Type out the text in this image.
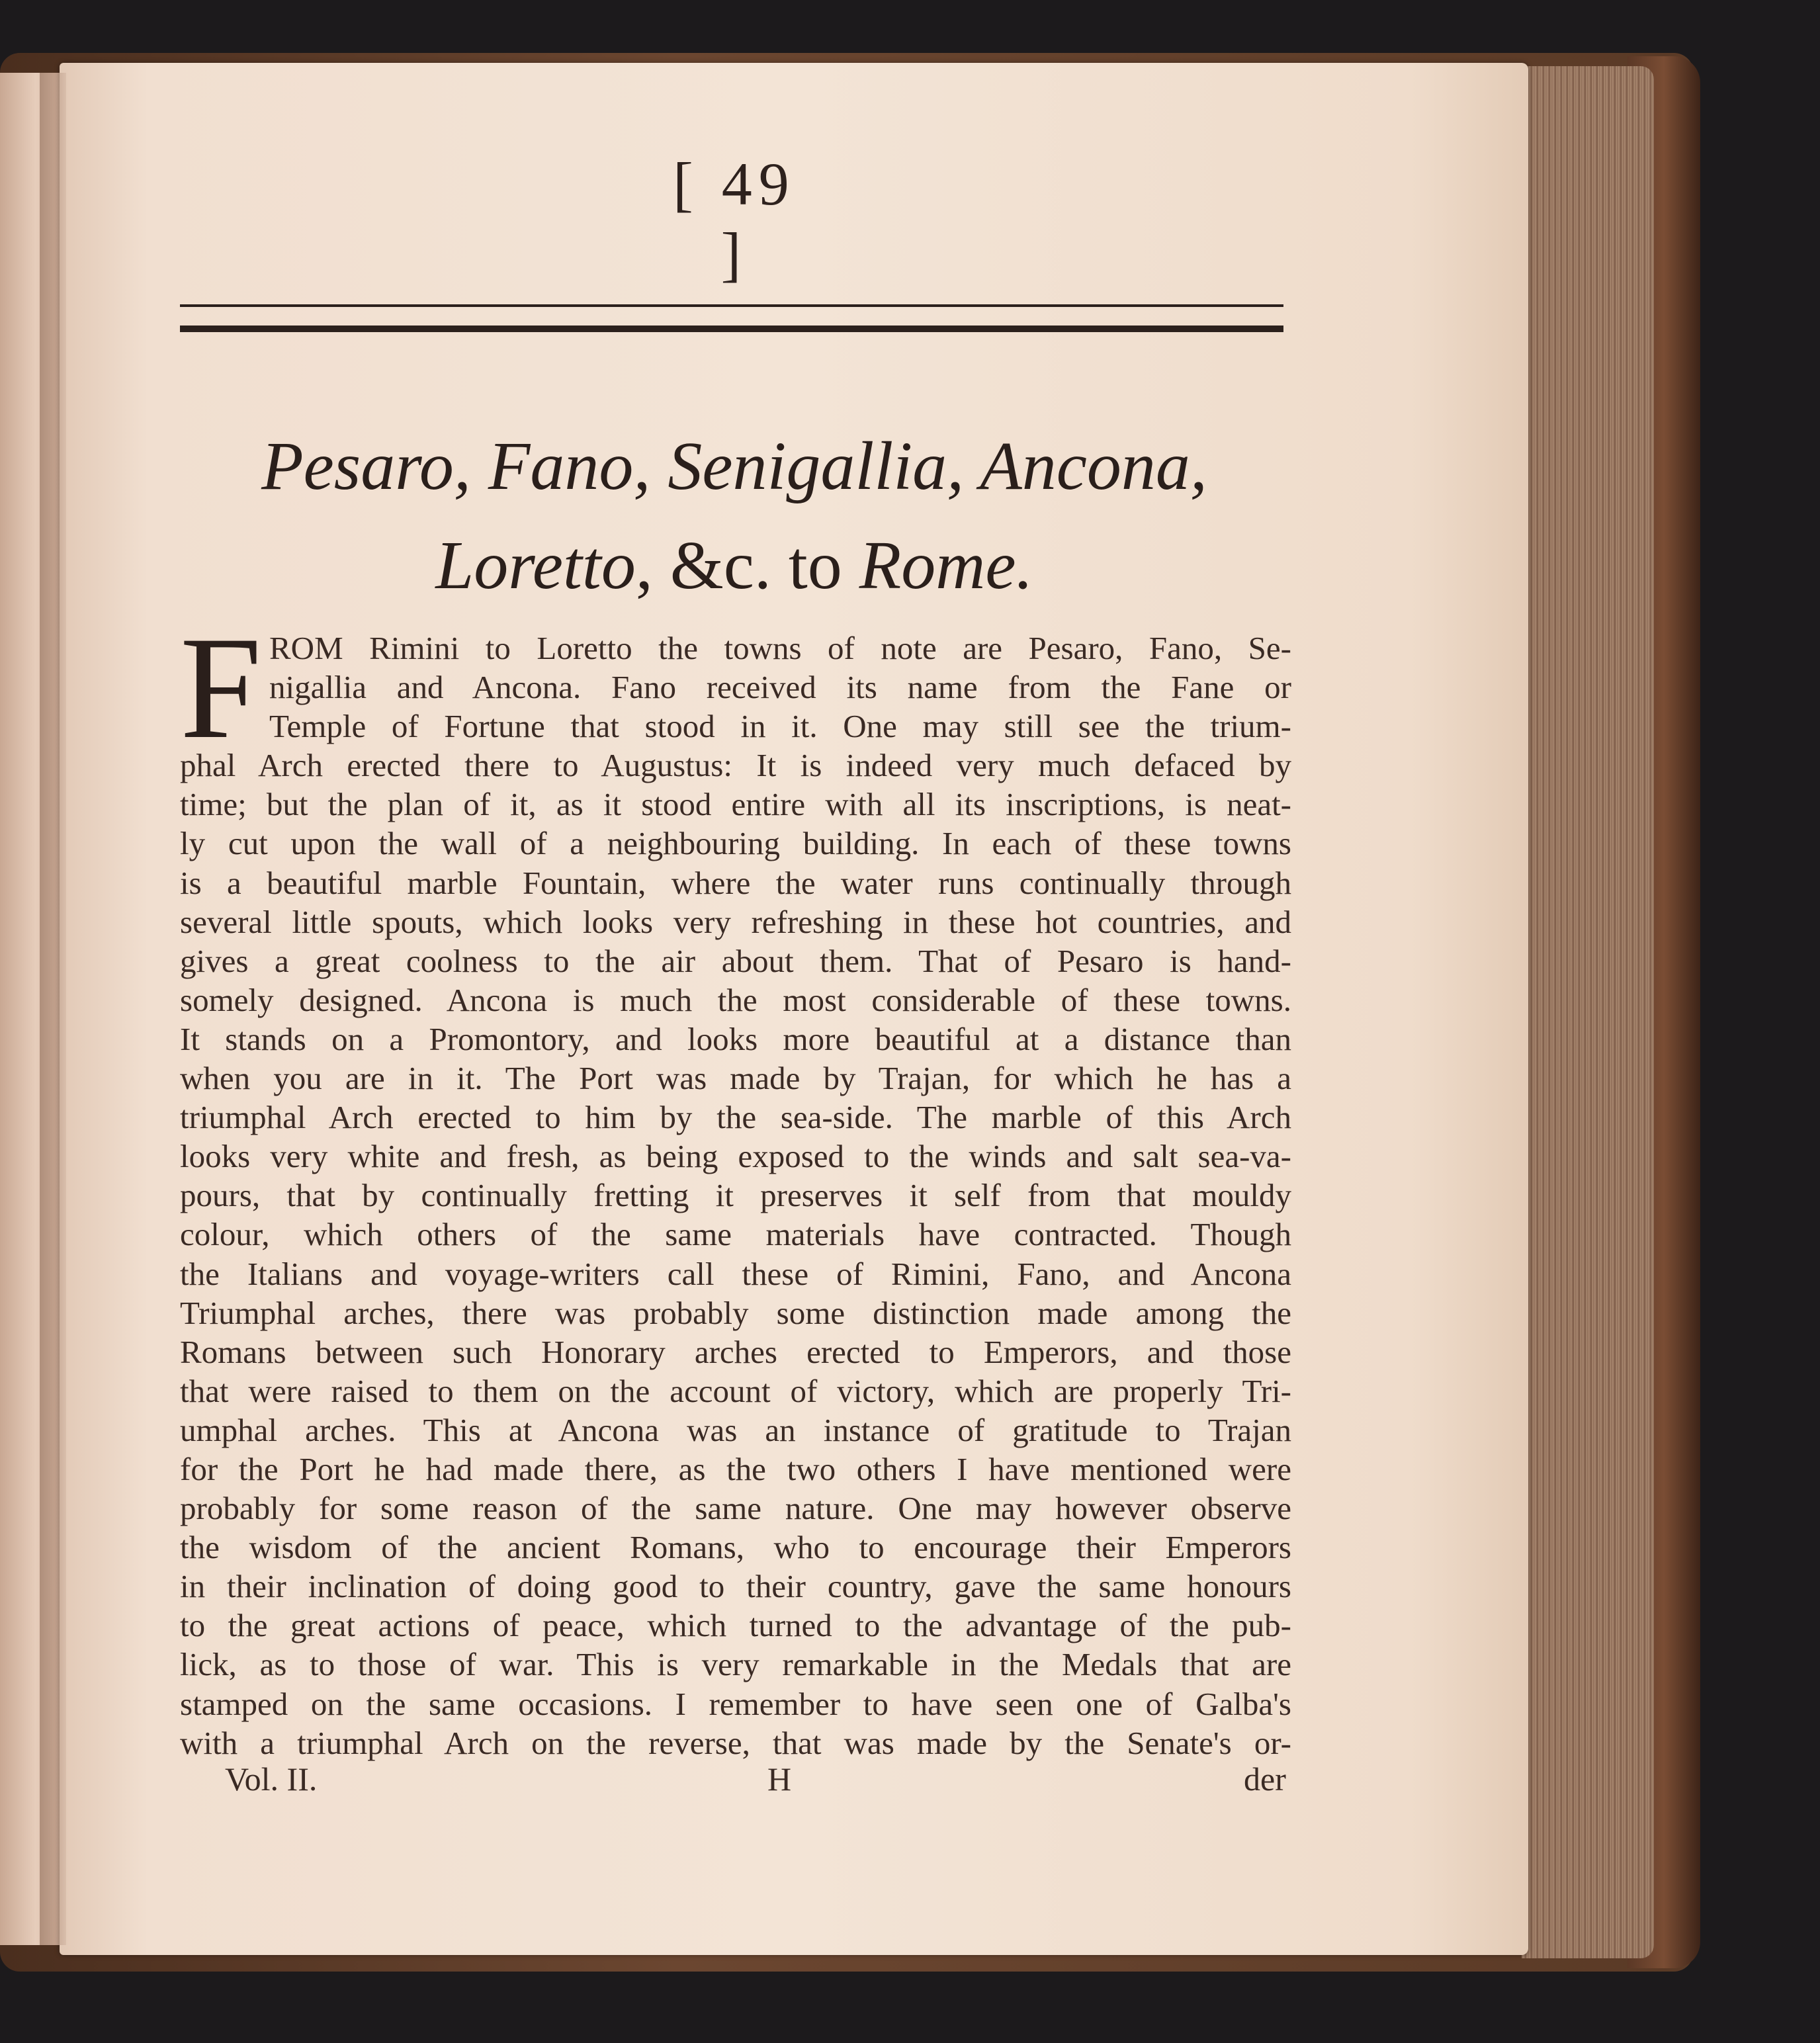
[ 49 ]
Pesaro, Fano, Senigallia, Ancona,
Loretto, &c. to Rome.
F ROM Rimini to Loretto the towns of note are Pesaro, Fano, Se-
nigallia and Ancona. Fano received its name from the Fane or
Temple of Fortune that stood in it. One may still see the trium-
phal Arch erected there to Augustus: It is indeed very much defaced by
time; but the plan of it, as it stood entire with all its inscriptions, is neat-
ly cut upon the wall of a neighbouring building. In each of these towns
is a beautiful marble Fountain, where the water runs continually through
several little spouts, which looks very refreshing in these hot countries, and
gives a great coolness to the air about them. That of Pesaro is hand-
somely designed. Ancona is much the most considerable of these towns.
It stands on a Promontory, and looks more beautiful at a distance than
when you are in it. The Port was made by Trajan, for which he has a
triumphal Arch erected to him by the sea-side. The marble of this Arch
looks very white and fresh, as being exposed to the winds and salt sea-va-
pours, that by continually fretting it preserves it self from that mouldy
colour, which others of the same materials have contracted. Though
the Italians and voyage-writers call these of Rimini, Fano, and Ancona
Triumphal arches, there was probably some distinction made among the
Romans between such Honorary arches erected to Emperors, and those
that were raised to them on the account of victory, which are properly Tri-
umphal arches. This at Ancona was an instance of gratitude to Trajan
for the Port he had made there, as the two others I have mentioned were
probably for some reason of the same nature. One may however observe
the wisdom of the ancient Romans, who to encourage their Emperors
in their inclination of doing good to their country, gave the same honours
to the great actions of peace, which turned to the advantage of the pub-
lick, as to those of war. This is very remarkable in the Medals that are
stamped on the same occasions. I remember to have seen one of Galba's
with a triumphal Arch on the reverse, that was made by the Senate's or-
Vol. II.	H	der
